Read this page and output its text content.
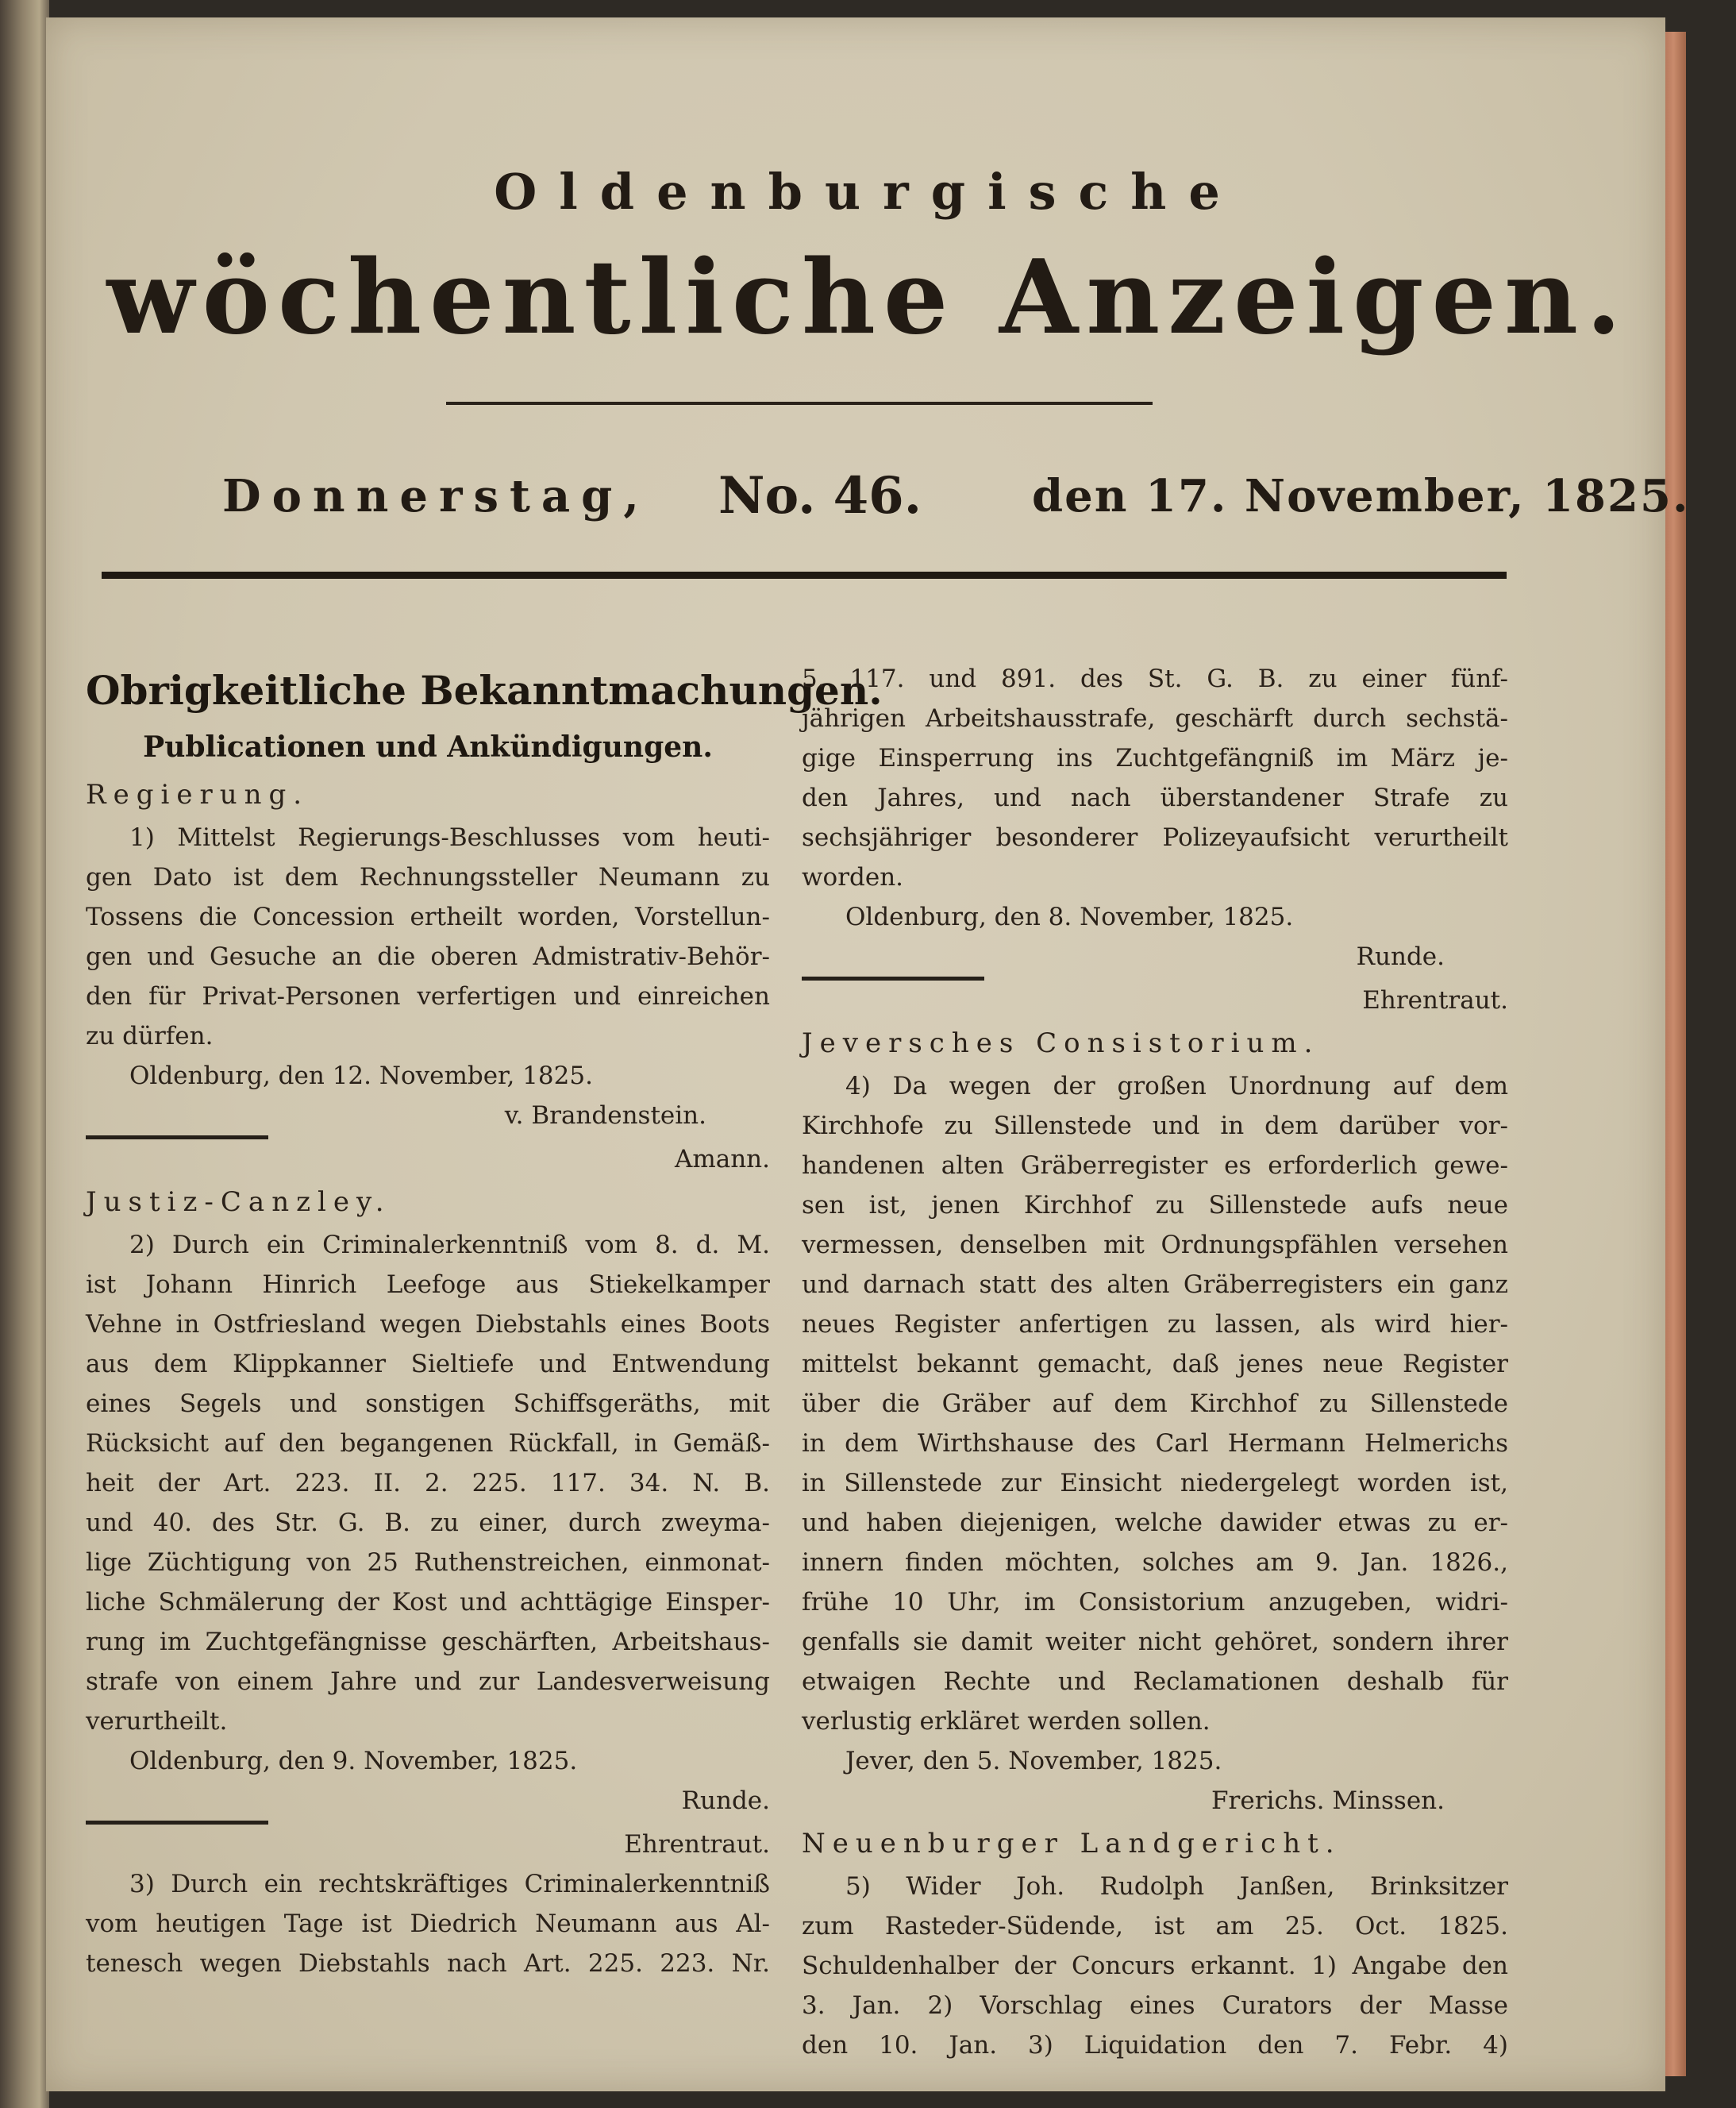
Oldenburgische
wöchentliche Anzeigen.
Donnerstag, No. 46. den 17. November, 1825.
Obrigkeitliche Bekanntmachungen.
Publicationen und Ankündigungen.
Regierung.
1) Mittelst Regierungs-Beschlusses vom heuti-
gen Dato ist dem Rechnungssteller Neumann zu
Tossens die Concession ertheilt worden, Vorstellun-
gen und Gesuche an die oberen Admistrativ-Behör-
den für Privat-Personen verfertigen und einreichen
zu dürfen.
Oldenburg, den 12. November, 1825.
v. Brandenstein.
Amann.
Justiz-Canzley.
2) Durch ein Criminalerkenntniß vom 8. d. M.
ist Johann Hinrich Leefoge aus Stiekelkamper
Vehne in Ostfriesland wegen Diebstahls eines Boots
aus dem Klippkanner Sieltiefe und Entwendung
eines Segels und sonstigen Schiffsgeräths, mit
Rücksicht auf den begangenen Rückfall, in Gemäß-
heit der Art. 223. II. 2. 225. 117. 34. N. B.
und 40. des Str. G. B. zu einer, durch zweyma-
lige Züchtigung von 25 Ruthenstreichen, einmonat-
liche Schmälerung der Kost und achttägige Einsper-
rung im Zuchtgefängnisse geschärften, Arbeitshaus-
strafe von einem Jahre und zur Landesverweisung
verurtheilt.
Oldenburg, den 9. November, 1825.
Runde.
Ehrentraut.
3) Durch ein rechtskräftiges Criminalerkenntniß
vom heutigen Tage ist Diedrich Neumann aus Al-
tenesch wegen Diebstahls nach Art. 225. 223. Nr.
5. 117. und 891. des St. G. B. zu einer fünf-
jährigen Arbeitshausstrafe, geschärft durch sechstä-
gige Einsperrung ins Zuchtgefängniß im März je-
den Jahres, und nach überstandener Strafe zu
sechsjähriger besonderer Polizeyaufsicht verurtheilt
worden.
Oldenburg, den 8. November, 1825.
Runde.
Ehrentraut.
Jeversches Consistorium.
4) Da wegen der großen Unordnung auf dem
Kirchhofe zu Sillenstede und in dem darüber vor-
handenen alten Gräberregister es erforderlich gewe-
sen ist, jenen Kirchhof zu Sillenstede aufs neue
vermessen, denselben mit Ordnungspfählen versehen
und darnach statt des alten Gräberregisters ein ganz
neues Register anfertigen zu lassen, als wird hier-
mittelst bekannt gemacht, daß jenes neue Register
über die Gräber auf dem Kirchhof zu Sillenstede
in dem Wirthshause des Carl Hermann Helmerichs
in Sillenstede zur Einsicht niedergelegt worden ist,
und haben diejenigen, welche dawider etwas zu er-
innern finden möchten, solches am 9. Jan. 1826.,
frühe 10 Uhr, im Consistorium anzugeben, widri-
genfalls sie damit weiter nicht gehöret, sondern ihrer
etwaigen Rechte und Reclamationen deshalb für
verlustig erkläret werden sollen.
Jever, den 5. November, 1825.
Frerichs. Minssen.
Neuenburger Landgericht.
5) Wider Joh. Rudolph Janßen, Brinksitzer
zum Rasteder-Südende, ist am 25. Oct. 1825.
Schuldenhalber der Concurs erkannt. 1) Angabe den
3. Jan. 2) Vorschlag eines Curators der Masse
den 10. Jan. 3) Liquidation den 7. Febr. 4)
